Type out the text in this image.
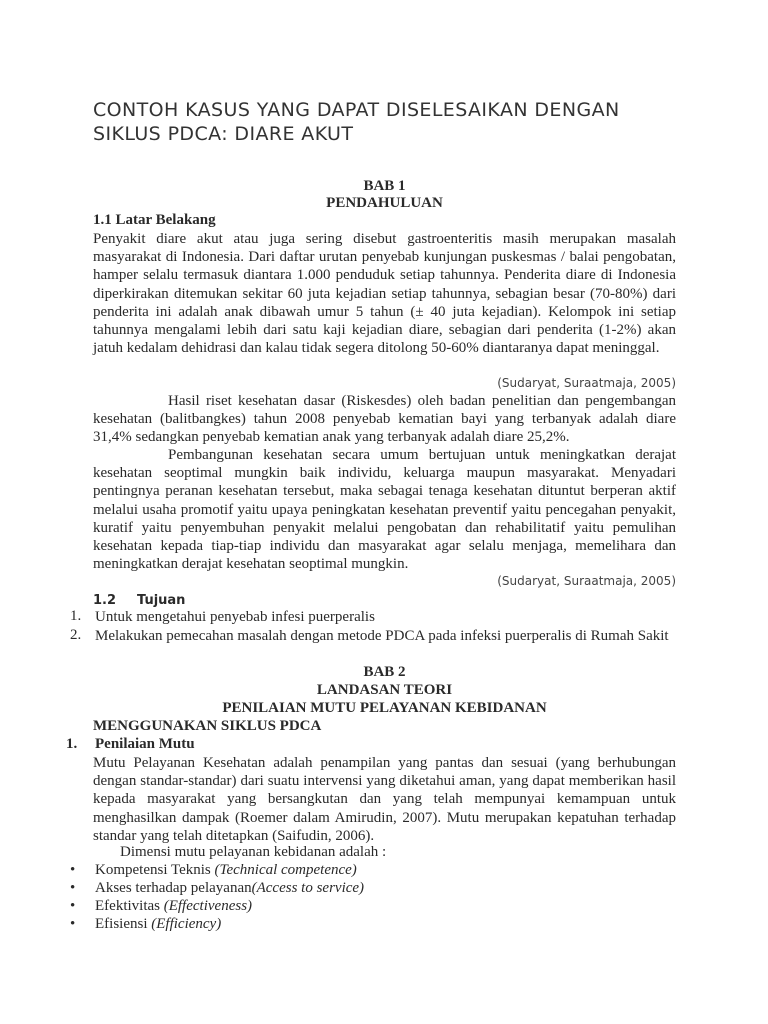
CONTOH KASUS YANG DAPAT DISELESAIKAN DENGAN SIKLUS PDCA: DIARE AKUT
BAB 1
PENDAHULUAN
1.1 Latar Belakang

Penyakit diare akut atau juga sering disebut gastroenteritis masih merupakan masalah masyarakat di Indonesia. Dari daftar urutan penyebab kunjungan puskesmas / balai pengobatan, hamper selalu termasuk diantara 1.000 penduduk setiap tahunnya. Penderita diare di Indonesia diperkirakan ditemukan sekitar 60 juta kejadian setiap tahunnya, sebagian besar (70-80%) dari penderita ini adalah anak dibawah umur 5 tahun (± 40 juta kejadian). Kelompok ini setiap tahunnya mengalami lebih dari satu kaji kejadian diare, sebagian dari penderita (1-2%) akan jatuh kedalam dehidrasi dan kalau tidak segera ditolong 50-60% diantaranya dapat meninggal.

(Sudaryat, Suraatmaja, 2005)

Hasil riset kesehatan dasar (Riskesdes) oleh badan penelitian dan pengembangan kesehatan (balitbangkes) tahun 2008 penyebab kematian bayi yang terbanyak adalah diare 31,4% sedangkan penyebab kematian anak yang terbanyak adalah diare 25,2%.

Pembangunan kesehatan secara umum bertujuan untuk meningkatkan derajat kesehatan seoptimal mungkin baik individu, keluarga maupun masyarakat. Menyadari pentingnya peranan kesehatan tersebut, maka sebagai tenaga kesehatan dituntut berperan aktif melalui usaha promotif yaitu upaya peningkatan kesehatan preventif yaitu pencegahan penyakit, kuratif yaitu penyembuhan penyakit melalui pengobatan dan rehabilitatif yaitu pemulihan kesehatan kepada tiap-tiap individu dan masyarakat agar selalu menjaga, memelihara dan meningkatkan derajat kesehatan seoptimal mungkin.

(Sudaryat, Suraatmaja, 2005)
1.2 Tujuan
1. Untuk mengetahui penyebab infesi puerperalis
2. Melakukan pemecahan masalah dengan metode PDCA pada infeksi puerperalis di Rumah Sakit
BAB 2
LANDASAN TEORI
PENILAIAN MUTU PELAYANAN KEBIDANAN
MENGGUNAKAN SIKLUS PDCA
1. Penilaian Mutu

Mutu Pelayanan Kesehatan adalah penampilan yang pantas dan sesuai (yang berhubungan dengan standar-standar) dari suatu intervensi yang diketahui aman, yang dapat memberikan hasil kepada masyarakat yang bersangkutan dan yang telah mempunyai kemampuan untuk menghasilkan dampak (Roemer dalam Amirudin, 2007). Mutu merupakan kepatuhan terhadap standar yang telah ditetapkan (Saifudin, 2006).

Dimensi mutu pelayanan kebidanan adalah :
• Kompetensi Teknis (Technical competence)
• Akses terhadap pelayanan(Access to service)
• Efektivitas (Effectiveness)
• Efisiensi (Efficiency)
